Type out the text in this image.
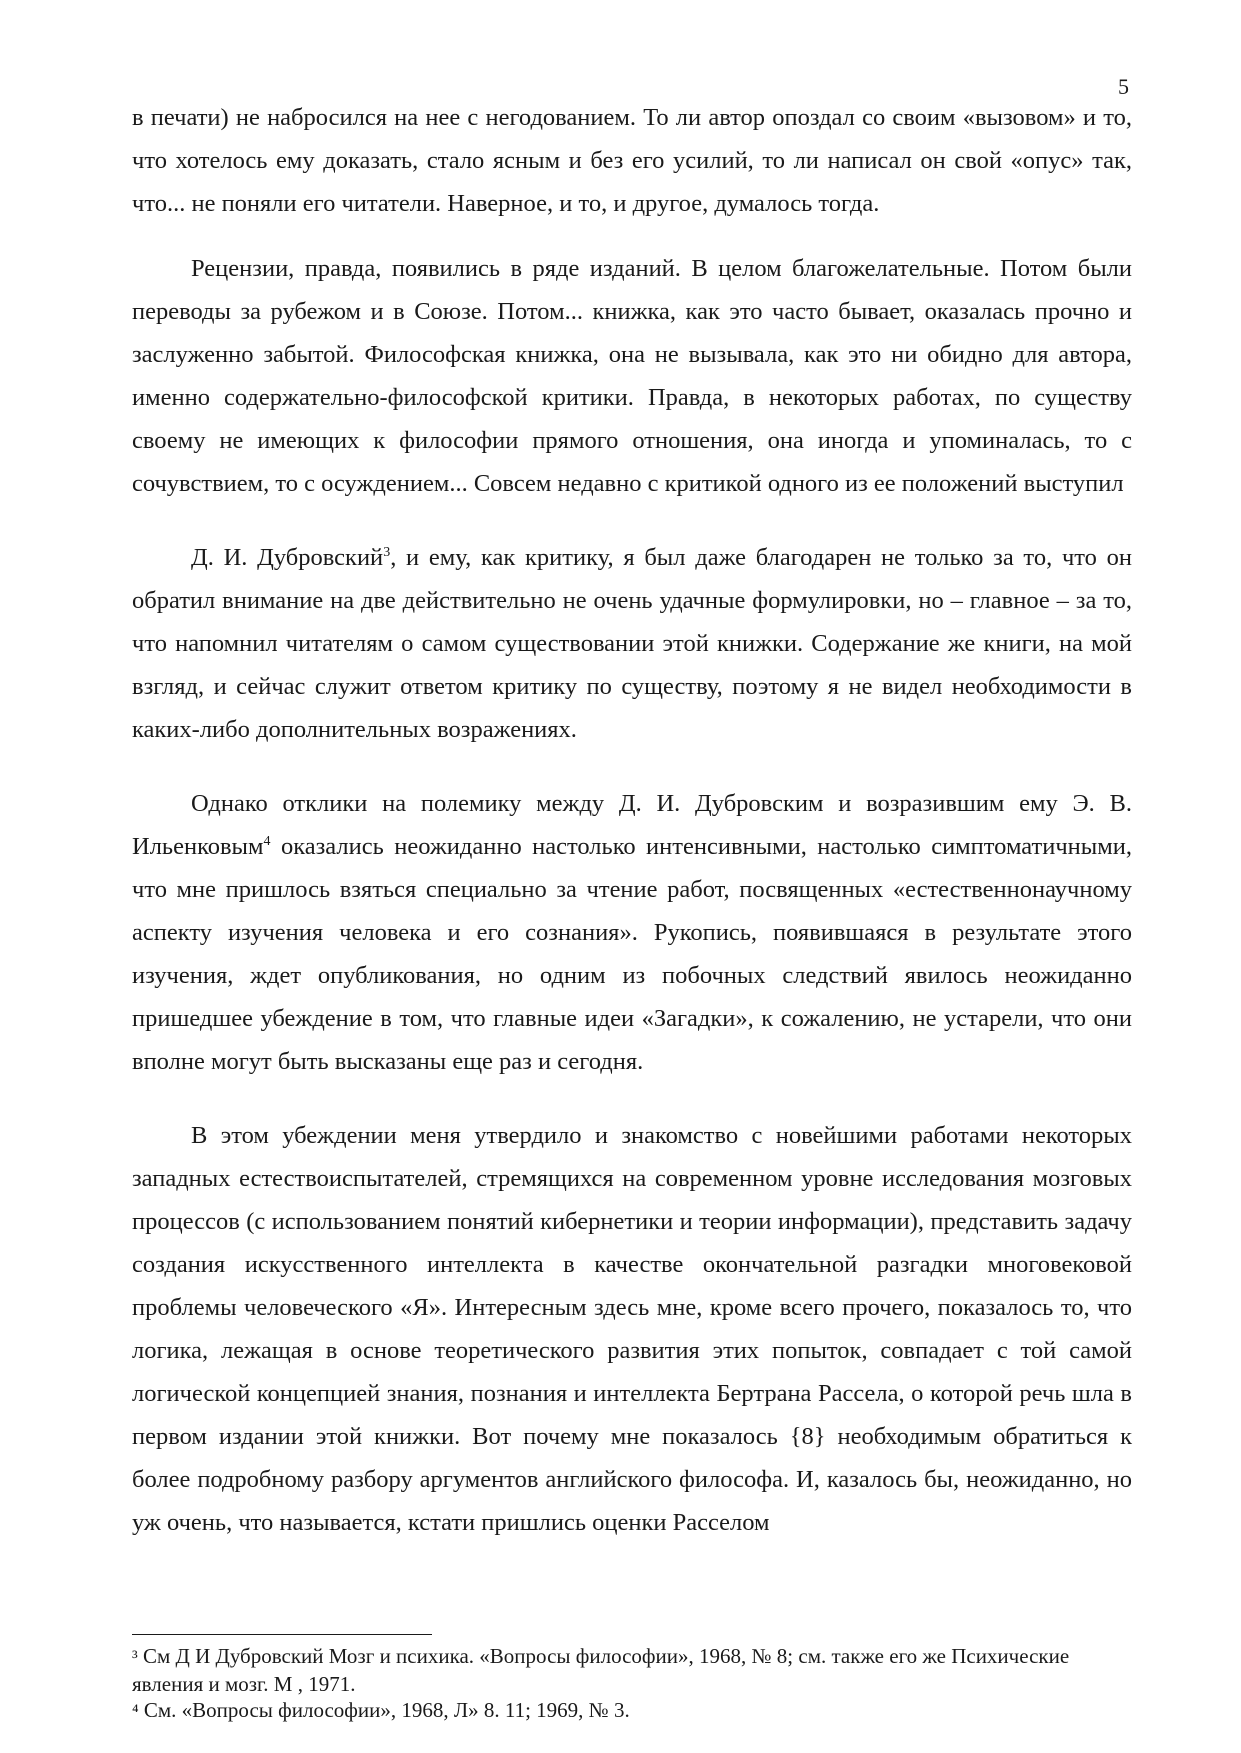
5

в печати) не набросился на нее с негодованием. То ли автор опоздал со своим «вызовом» и то, что хотелось ему доказать, стало ясным и без его усилий, то ли написал он свой «опус» так, что... не поняли его читатели. Наверное, и то, и другое, думалось тогда.

Рецензии, правда, появились в ряде изданий. В целом благожелательные. Потом были переводы за рубежом и в Союзе. Потом... книжка, как это часто бывает, оказалась прочно и заслуженно забытой. Философская книжка, она не вызывала, как это ни обидно для автора, именно содержательно-философской критики. Правда, в некоторых работах, по существу своему не имеющих к философии прямого отношения, она иногда и упоминалась, то с сочувствием, то с осуждением... Совсем недавно с критикой одного из ее положений выступил

Д. И. Дубровский$^3$, и ему, как критику, я был даже благодарен не только за то, что он обратил внимание на две действительно не очень удачные формулировки, но – главное – за то, что напомнил читателям о самом существовании этой книжки. Содержание же книги, на мой взгляд, и сейчас служит ответом критику по существу, поэтому я не видел необходимости в каких-либо дополнительных возражениях.

Однако отклики на полемику между Д. И. Дубровским и возразившим ему Э. В. Ильенковым$^4$ оказались неожиданно настолько интенсивными, настолько симптоматичными, что мне пришлось взяться специально за чтение работ, посвященных «естественнонаучному аспекту изучения человека и его сознания». Рукопись, появившаяся в результате этого изучения, ждет опубликования, но одним из побочных следствий явилось неожиданно пришедшее убеждение в том, что главные идеи «Загадки», к сожалению, не устарели, что они вполне могут быть высказаны еще раз и сегодня.

В этом убеждении меня утвердило и знакомство с новейшими работами некоторых западных естествоиспытателей, стремящихся на современном уровне исследования мозговых процессов (с использованием понятий кибернетики и теории информации), представить задачу создания искусственного интеллекта в качестве окончательной разгадки многовековой проблемы человеческого «Я». Интересным здесь мне, кроме всего прочего, показалось то, что логика, лежащая в основе теоретического развития этих попыток, совпадает с той самой логической концепцией знания, познания и интеллекта Бертрана Рассела, о которой речь шла в первом издании этой книжки. Вот почему мне показалось {8} необходимым обратиться к более подробному разбору аргументов английского философа. И, казалось бы, неожиданно, но уж очень, что называется, кстати пришлись оценки Расселом

³ См Д И Дубровский Мозг и психика. «Вопросы философии», 1968, № 8; см. также его же Психические явления и мозг. М , 1971.

⁴ См. «Вопросы философии», 1968, Л» 8. 11; 1969, № 3.
